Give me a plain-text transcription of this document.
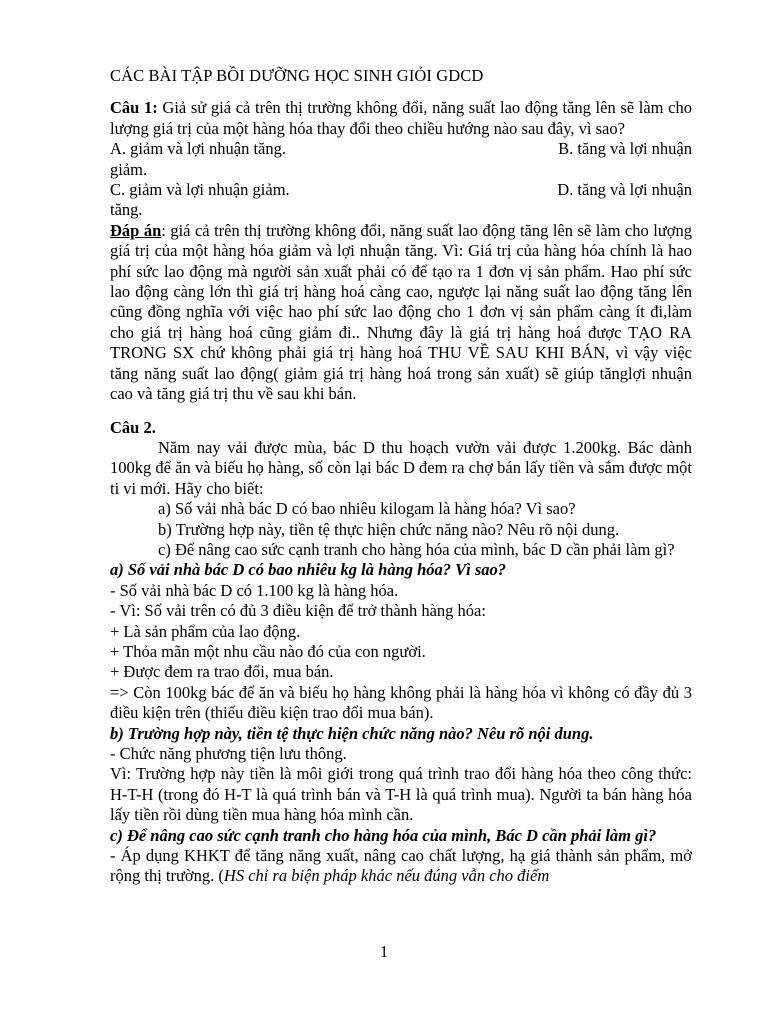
CÁC BÀI TẬP BỒI DƯỠNG HỌC SINH GIỎI GDCD

Câu 1: Giả sử giá cả trên thị trường không đổi, năng suất lao động tăng lên sẽ làm cho lượng giá trị của một hàng hóa thay đổi theo chiều hướng nào sau đây, vì sao?

A. giảm và lợi nhuận tăng.	B. tăng và lợi nhuận

giảm.

C. giảm và lợi nhuận giảm.	D. tăng và lợi nhuận

tăng.

Đáp án: giá cả trên thị trường không đổi, năng suất lao động tăng lên sẽ làm cho lượng giá trị của một hàng hóa giảm và lợi nhuận tăng. Vì: Giá trị của hàng hóa chính là hao phí sức lao động mà người sản xuất phải có để tạo ra 1 đơn vị sản phẩm. Hao phí sức lao động càng lớn thì giá trị hàng hoá càng cao, ngược lại năng suất lao động tăng lên cũng đồng nghĩa với việc hao phí sức lao động cho 1 đơn vị sản phẩm càng ít đi,làm cho giá trị hàng hoá cũng giảm đi.. Nhưng đây là giá trị hàng hoá được TẠO RA TRONG SX chứ không phải giá trị hàng hoá THU VỀ SAU KHI BÁN, vì vậy việc tăng năng suất lao động( giảm giá trị hàng hoá trong sản xuất) sẽ giúp tănglợi nhuận cao và tăng giá trị thu về sau khi bán.

Câu 2.

Năm nay vải được mùa, bác D thu hoạch vườn vải được 1.200kg. Bác dành 100kg để ăn và biếu họ hàng, số còn lại bác D đem ra chợ bán lấy tiền và sắm được một ti vi mới. Hãy cho biết:

a) Số vải nhà bác D có bao nhiêu kilogam là hàng hóa? Vì sao?

b) Trường hợp này, tiền tệ thực hiện chức năng nào? Nêu rõ nội dung.

c) Để nâng cao sức cạnh tranh cho hàng hóa của mình, bác D cần phải làm gì?

a) Số vải nhà bác D có bao nhiêu kg là hàng hóa? Vì sao?

- Số vải nhà bác D có 1.100 kg là hàng hóa.

- Vì: Số vải trên có đủ 3 điều kiện để trở thành hàng hóa:

+ Là sản phẩm của lao động.

+ Thỏa mãn một nhu cầu nào đó của con người.

+ Được đem ra trao đổi, mua bán.

=> Còn 100kg bác để ăn và biếu họ hàng không phải là hàng hóa vì không có đầy đủ 3 điều kiện trên (thiếu điều kiện trao đổi mua bán).

b) Trường hợp này, tiền tệ thực hiện chức năng nào? Nêu rõ nội dung.

- Chức năng phương tiện lưu thông.

Vì: Trường hợp này tiền là môi giới trong quá trình trao đổi hàng hóa theo công thức: H-T-H (trong đó H-T là quá trình bán và T-H là quá trình mua). Người ta bán hàng hóa lấy tiền rồi dùng tiền mua hàng hóa mình cần.

c) Để nâng cao sức cạnh tranh cho hàng hóa của mình, Bác D cần phải làm gì?

- Áp dụng KHKT để tăng năng xuất, nâng cao chất lượng, hạ giá thành sản phẩm, mở rộng thị trường. (HS chỉ ra biện pháp khác nếu đúng vẫn cho điểm

1
